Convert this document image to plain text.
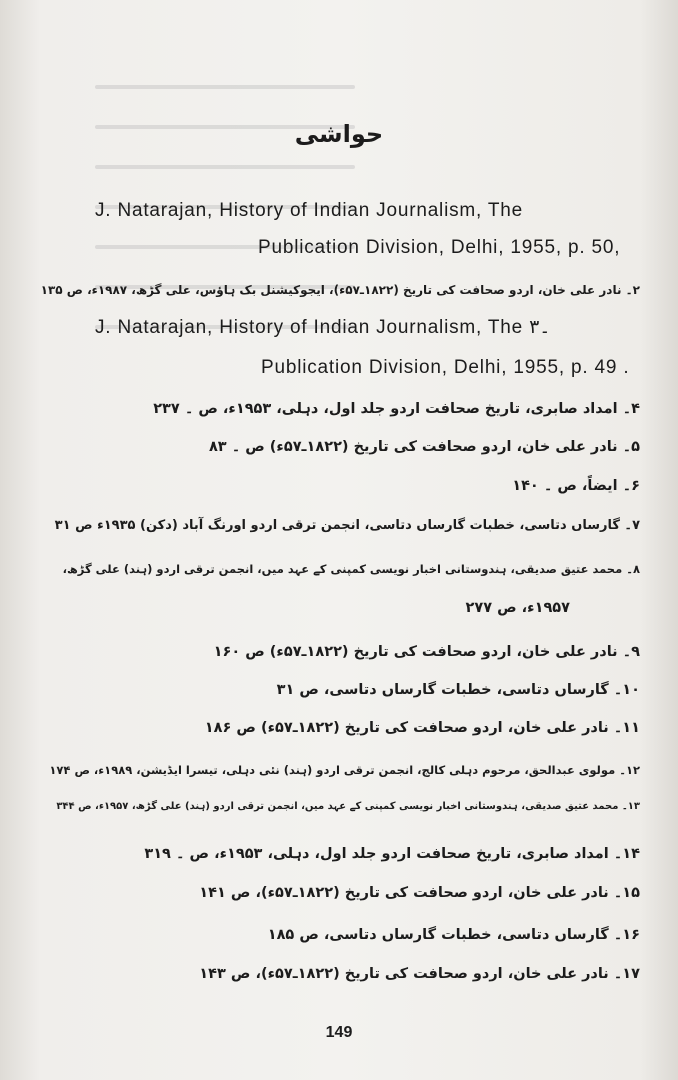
حواشی
J. Natarajan, History of Indian Journalism, The
Publication Division, Delhi, 1955, p. 50,
۲۔ نادر علی خان، اردو صحافت کی تاریخ (۱۸۲۲ـ۵۷ء)، ایجوکیشنل بک ہاؤس، علی گڑھ، ۱۹۸۷ء، ص ۱۳۵
J. Natarajan, History of Indian Journalism, The ۔۳
Publication Division, Delhi, 1955, p. 49 .
۴۔ امداد صابری، تاریخ صحافت اردو جلد اول، دہلی، ۱۹۵۳ء، ص ۔ ۲۳۷
۵۔ نادر علی خان، اردو صحافت کی تاریخ (۱۸۲۲ـ۵۷ء) ص ۔ ۸۳
۶۔ ایضاً، ص ۔ ۱۴۰
۷۔ گارساں دتاسی، خطبات گارساں دتاسی، انجمن ترقی اردو اورنگ آباد (دکن) ۱۹۳۵ء ص ۳۱
۸۔ محمد عتیق صدیقی، ہندوستانی اخبار نویسی کمپنی کے عہد میں، انجمن ترقی اردو (ہند) علی گڑھ،
۱۹۵۷ء، ص ۲۷۷
۹۔ نادر علی خان، اردو صحافت کی تاریخ (۱۸۲۲ـ۵۷ء) ص ۱۶۰
۱۰۔ گارساں دتاسی، خطبات گارساں دتاسی، ص ۳۱
۱۱۔ نادر علی خان، اردو صحافت کی تاریخ (۱۸۲۲ـ۵۷ء) ص ۱۸۶
۱۲۔ مولوی عبدالحق، مرحوم دہلی کالج، انجمن ترقی اردو (ہند) نئی دہلی، تیسرا ایڈیشن، ۱۹۸۹ء، ص ۱۷۴
۱۳۔ محمد عتیق صدیقی، ہندوستانی اخبار نویسی کمپنی کے عہد میں، انجمن ترقی اردو (ہند) علی گڑھ، ۱۹۵۷ء، ص ۳۴۴
۱۴۔ امداد صابری، تاریخ صحافت اردو جلد اول، دہلی، ۱۹۵۳ء، ص ۔ ۳۱۹
۱۵۔ نادر علی خان، اردو صحافت کی تاریخ (۱۸۲۲ـ۵۷ء)، ص ۱۴۱
۱۶۔ گارساں دتاسی، خطبات گارساں دتاسی، ص ۱۸۵
۱۷۔ نادر علی خان، اردو صحافت کی تاریخ (۱۸۲۲ـ۵۷ء)، ص ۱۴۳
149
